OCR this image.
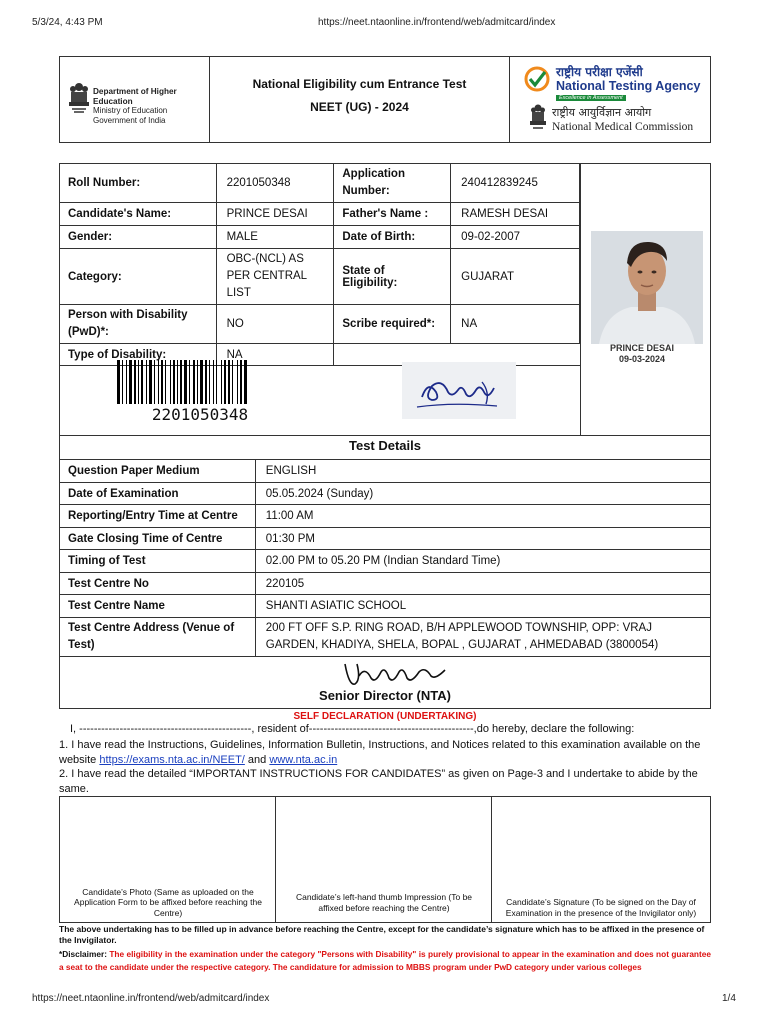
5/3/24, 4:43 PM	https://neet.ntaonline.in/frontend/web/admitcard/index
Department of Higher Education
Ministry of Education
Government of India
National Eligibility cum Entrance Test
NEET (UG) - 2024
राष्ट्रीय परीक्षा एजेंसी
National Testing Agency
Excellence in Assessment
राष्ट्रीय आयुर्विज्ञान आयोग
National Medical Commission
Roll Number:	2201050348	Application Number:	240412839245
Candidate's Name:	PRINCE DESAI	Father's Name :	RAMESH DESAI
Gender:	MALE	Date of Birth:	09-02-2007
Category:	OBC-(NCL) AS PER CENTRAL LIST	State of Eligibility:	GUJARAT
Person with Disability (PwD)*:	NO	Scribe required*:	NA
Type of Disability:	NA		
PRINCE DESAI
09-03-2024
2201050348
Test Details
Question Paper Medium	ENGLISH
Date of Examination	05.05.2024 (Sunday)
Reporting/Entry Time at Centre	11:00 AM
Gate Closing Time of Centre	01:30 PM
Timing of Test	02.00 PM to 05.20 PM (Indian Standard Time)
Test Centre No	220105
Test Centre Name	SHANTI ASIATIC SCHOOL
Test Centre Address (Venue of Test)	200 FT OFF S.P. RING ROAD, B/H APPLEWOOD TOWNSHIP, OPP: VRAJ GARDEN, KHADIYA, SHELA, BOPAL , GUJARAT , AHMEDABAD (3800054)
Senior Director (NTA)
SELF DECLARATION (UNDERTAKING)
I, -----------------------------------------------, resident of---------------------------------------------,do hereby, declare the following:
1. I have read the Instructions, Guidelines, Information Bulletin, Instructions, and Notices related to this examination available on the website https://exams.nta.ac.in/NEET/ and www.nta.ac.in
2. I have read the detailed “IMPORTANT INSTRUCTIONS FOR CANDIDATES” as given on Page-3 and I undertake to abide by the same.
Candidate’s Photo (Same as uploaded on the Application Form to be affixed before reaching the Centre)
Candidate’s left-hand thumb Impression (To be affixed before reaching the Centre)
Candidate’s Signature (To be signed on the Day of Examination in the presence of the Invigilator only)
The above undertaking has to be filled up in advance before reaching the Centre, except for the candidate’s signature which has to be affixed in the presence of the Invigilator.
*Disclaimer: The eligibility in the examination under the category "Persons with Disability" is purely provisional to appear in the examination and does not guarantee a seat to the candidate under the respective category. The candidature for admission to MBBS program under PwD category under various colleges
https://neet.ntaonline.in/frontend/web/admitcard/index	1/4
